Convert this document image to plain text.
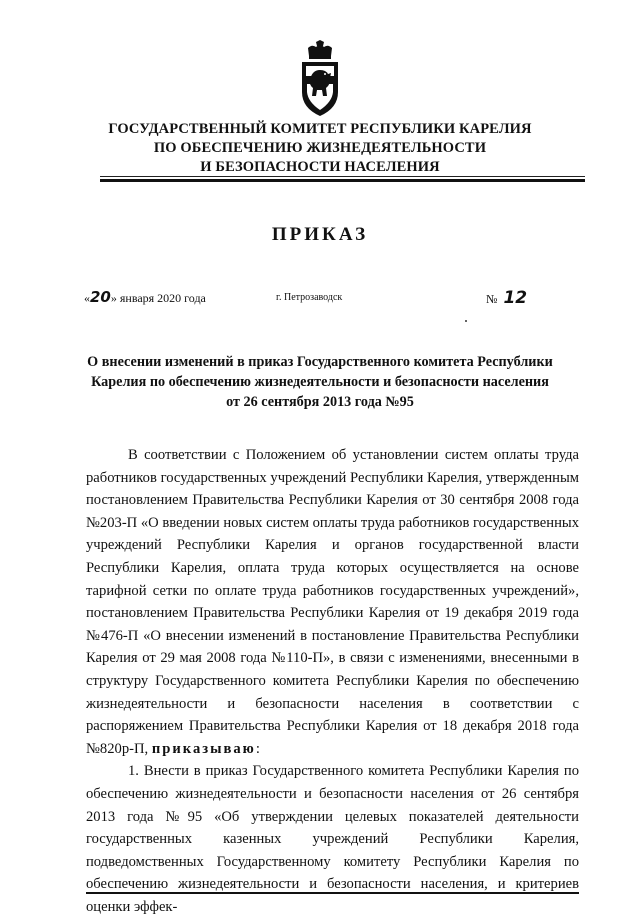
ГОСУДАРСТВЕННЫЙ КОМИТЕТ РЕСПУБЛИКИ КАРЕЛИЯ
ПО ОБЕСПЕЧЕНИЮ ЖИЗНЕДЕЯТЕЛЬНОСТИ
И БЕЗОПАСНОСТИ НАСЕЛЕНИЯ
ПРИКАЗ
«20» января 2020 года	г. Петрозаводск	№ 12
О внесении изменений в приказ Государственного комитета Республики
Карелия по обеспечению жизнедеятельности и безопасности населения
от 26 сентября 2013 года №95

В соответствии с Положением об установлении систем оплаты труда работников государственных учреждений Республики Карелия, утвержденным постановлением Правительства Республики Карелия от 30 сентября 2008 года №203-П «О введении новых систем оплаты труда работников государственных учреждений Республики Карелия и органов государственной власти Республики Карелия, оплата труда которых осуществляется на основе тарифной сетки по оплате труда работников государственных учреждений», постановлением Правительства Республики Карелия от 19 декабря 2019 года №476-П «О внесении изменений в постановление Правительства Республики Карелия от 29 мая 2008 года №110-П», в связи с изменениями, внесенными в структуру Государственного комитета Республики Карелия по обеспечению жизнедеятельности и безопасности населения в соответствии с распоряжением Правительства Республики Карелия от 18 декабря 2018 года №820р-П, приказываю:

1. Внести в приказ Государственного комитета Республики Карелия по обеспечению жизнедеятельности и безопасности населения от 26 сентября 2013 года №95 «Об утверждении целевых показателей деятельности государственных казенных учреждений Республики Карелия, подведомственных Государственному комитету Республики Карелия по обеспечению жизнедеятельности и безопасности населения, и критериев оценки эффек-
